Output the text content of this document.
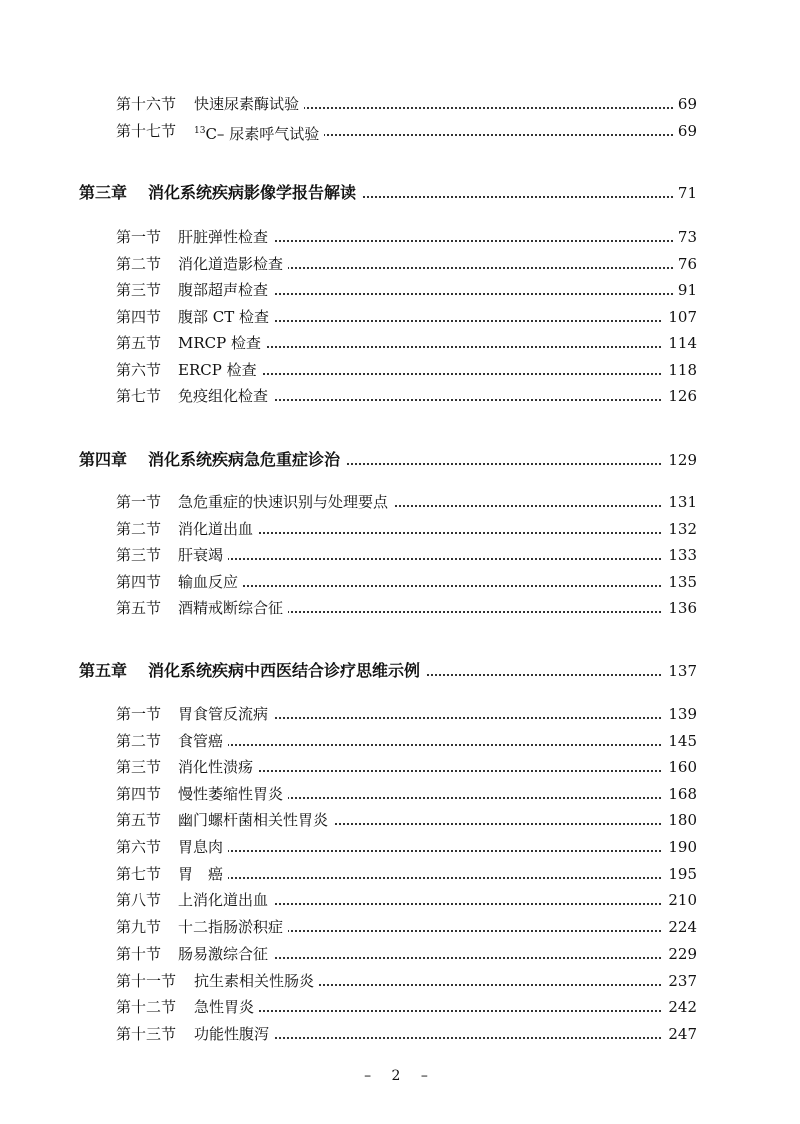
第十六节 快速尿素酶试验	69
第十七节 $^{13}$C– 尿素呼气试验	69
第三章 消化系统疾病影像学报告解读	71
第一节 肝脏弹性检查	73
第二节 消化道造影检查	76
第三节 腹部超声检查	91
第四节 腹部 CT 检查	107
第五节 MRCP 检查	114
第六节 ERCP 检查	118
第七节 免疫组化检查	126
第四章 消化系统疾病急危重症诊治	129
第一节 急危重症的快速识别与处理要点	131
第二节 消化道出血	132
第三节 肝衰竭	133
第四节 输血反应	135
第五节 酒精戒断综合征	136
第五章 消化系统疾病中西医结合诊疗思维示例	137
第一节 胃食管反流病	139
第二节 食管癌	145
第三节 消化性溃疡	160
第四节 慢性萎缩性胃炎	168
第五节 幽门螺杆菌相关性胃炎	180
第六节 胃息肉	190
第七节 胃　癌	195
第八节 上消化道出血	210
第九节 十二指肠淤积症	224
第十节 肠易激综合征	229
第十一节 抗生素相关性肠炎	237
第十二节 急性胃炎	242
第十三节 功能性腹泻	247
– 2 –
